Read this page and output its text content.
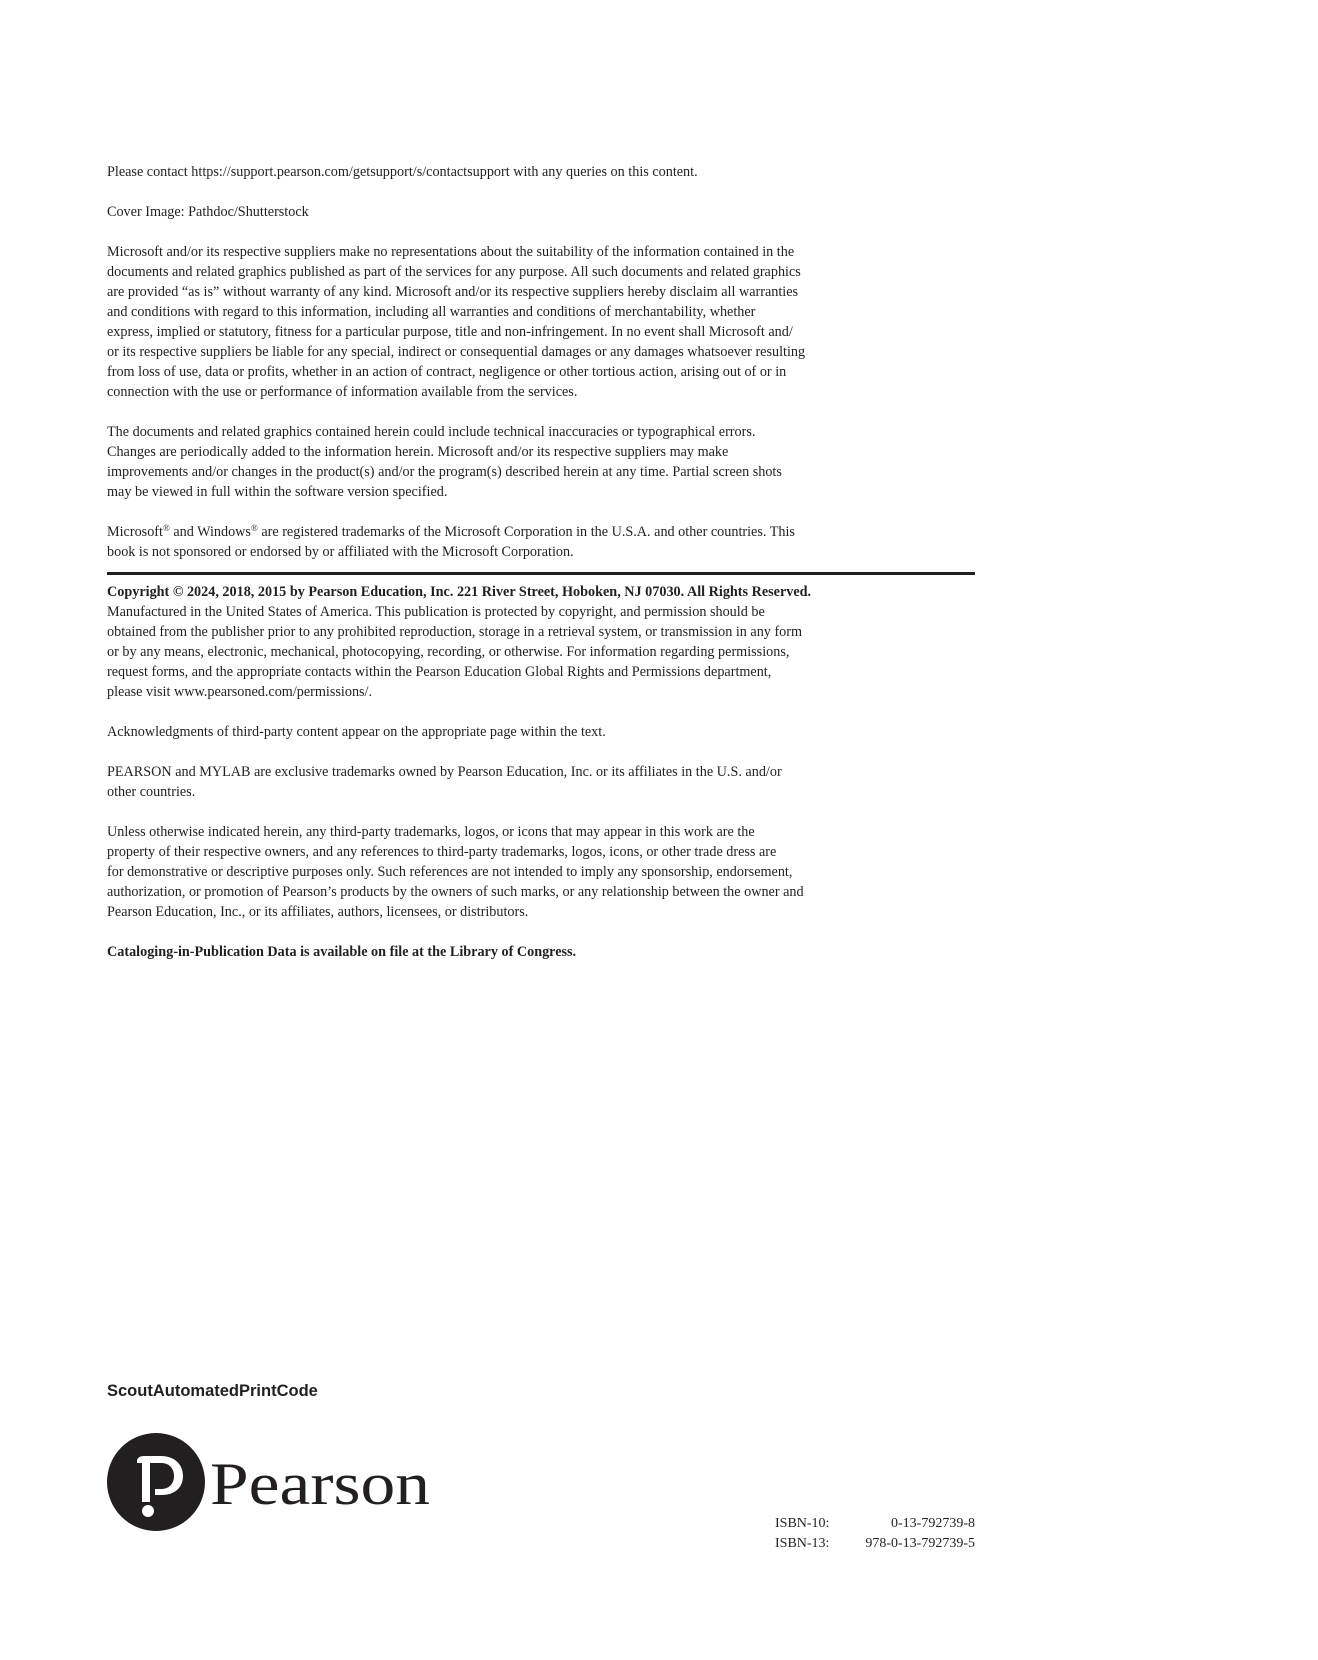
Please contact https://support.pearson.com/getsupport/s/contactsupport with any queries on this content.

Cover Image: Pathdoc/Shutterstock

Microsoft and/or its respective suppliers make no representations about the suitability of the information contained in the
documents and related graphics published as part of the services for any purpose. All such documents and related graphics
are provided “as is” without warranty of any kind. Microsoft and/or its respective suppliers hereby disclaim all warranties
and conditions with regard to this information, including all warranties and conditions of merchantability, whether
express, implied or statutory, fitness for a particular purpose, title and non-infringement. In no event shall Microsoft and/
or its respective suppliers be liable for any special, indirect or consequential damages or any damages whatsoever resulting
from loss of use, data or profits, whether in an action of contract, negligence or other tortious action, arising out of or in
connection with the use or performance of information available from the services.

The documents and related graphics contained herein could include technical inaccuracies or typographical errors.
Changes are periodically added to the information herein. Microsoft and/or its respective suppliers may make
improvements and/or changes in the product(s) and/or the program(s) described herein at any time. Partial screen shots
may be viewed in full within the software version specified.

Microsoft® and Windows® are registered trademarks of the Microsoft Corporation in the U.S.A. and other countries. This
book is not sponsored or endorsed by or affiliated with the Microsoft Corporation.

Copyright © 2024, 2018, 2015 by Pearson Education, Inc. 221 River Street, Hoboken, NJ 07030. All Rights Reserved.
Manufactured in the United States of America. This publication is protected by copyright, and permission should be
obtained from the publisher prior to any prohibited reproduction, storage in a retrieval system, or transmission in any form
or by any means, electronic, mechanical, photocopying, recording, or otherwise. For information regarding permissions,
request forms, and the appropriate contacts within the Pearson Education Global Rights and Permissions department,
please visit www.pearsoned.com/permissions/.

Acknowledgments of third-party content appear on the appropriate page within the text.

PEARSON and MYLAB are exclusive trademarks owned by Pearson Education, Inc. or its affiliates in the U.S. and/or
other countries.

Unless otherwise indicated herein, any third-party trademarks, logos, or icons that may appear in this work are the
property of their respective owners, and any references to third-party trademarks, logos, icons, or other trade dress are
for demonstrative or descriptive purposes only. Such references are not intended to imply any sponsorship, endorsement,
authorization, or promotion of Pearson’s products by the owners of such marks, or any relationship between the owner and
Pearson Education, Inc., or its affiliates, authors, licensees, or distributors.

Cataloging-in-Publication Data is available on file at the Library of Congress.

ScoutAutomatedPrintCode
Pearson
ISBN-10:	0-13-792739-8
ISBN-13:	978-0-13-792739-5
